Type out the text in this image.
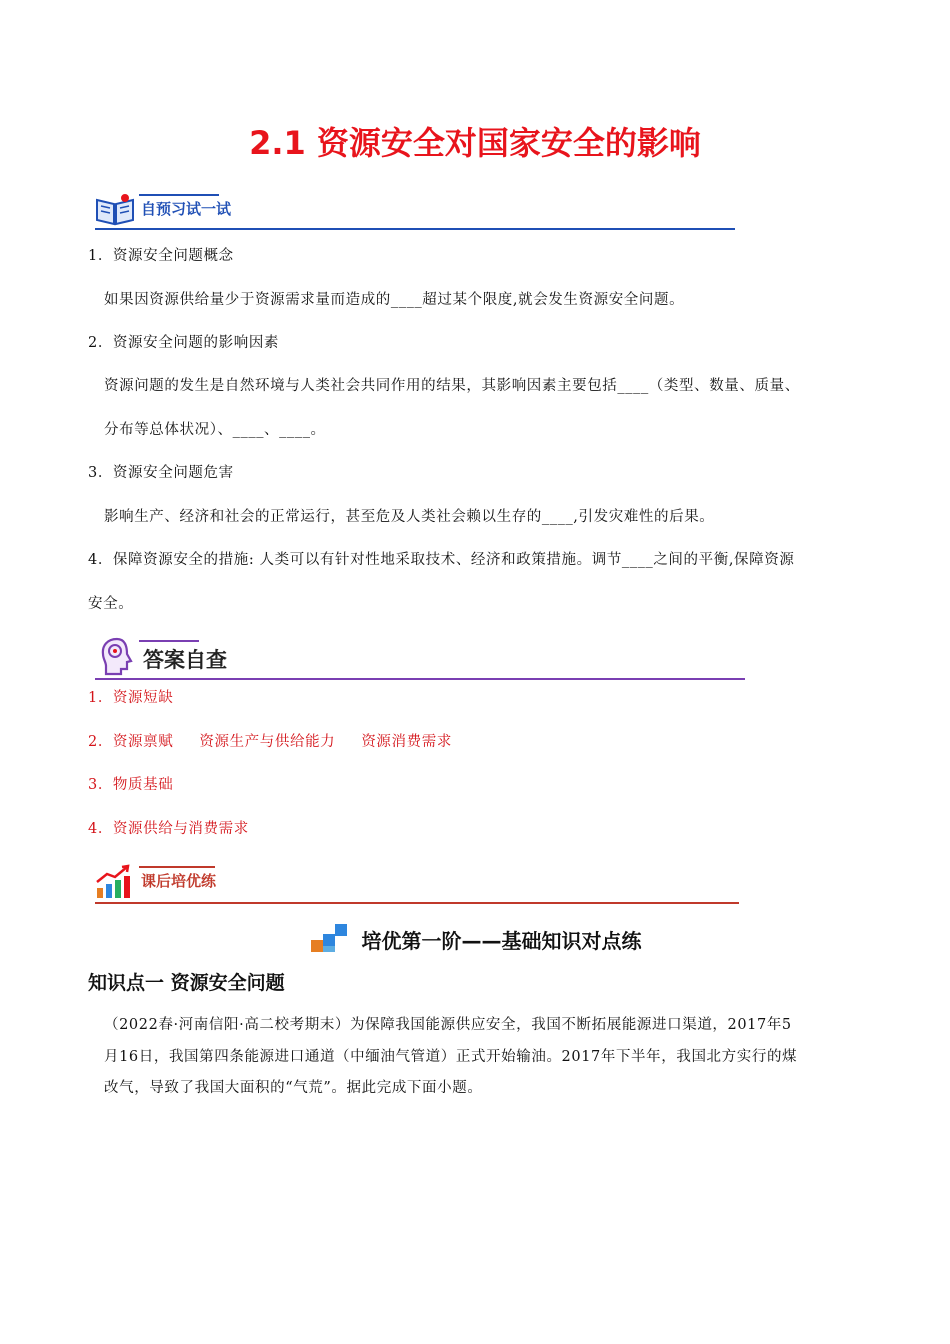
2.1 资源安全对国家安全的影响
自预习试一试
1．资源安全问题概念
如果因资源供给量少于资源需求量而造成的____超过某个限度,就会发生资源安全问题。
2．资源安全问题的影响因素
资源问题的发生是自然环境与人类社会共同作用的结果，其影响因素主要包括____（类型、数量、质量、
分布等总体状况）、____、____。
3．资源安全问题危害
影响生产、经济和社会的正常运行，甚至危及人类社会赖以生存的____,引发灾难性的后果。
4．保障资源安全的措施: 人类可以有针对性地采取技术、经济和政策措施。调节____之间的平衡,保障资源
安全。
答案自查
1．资源短缺
2．资源禀赋     资源生产与供给能力     资源消费需求
3．物质基础
4．资源供给与消费需求
课后培优练
培优第一阶——基础知识对点练
知识点一 资源安全问题
（2022春·河南信阳·高二校考期末）为保障我国能源供应安全，我国不断拓展能源进口渠道，2017年5
月16日，我国第四条能源进口通道（中缅油气管道）正式开始输油。2017年下半年，我国北方实行的煤
改气，导致了我国大面积的“气荒”。据此完成下面小题。
